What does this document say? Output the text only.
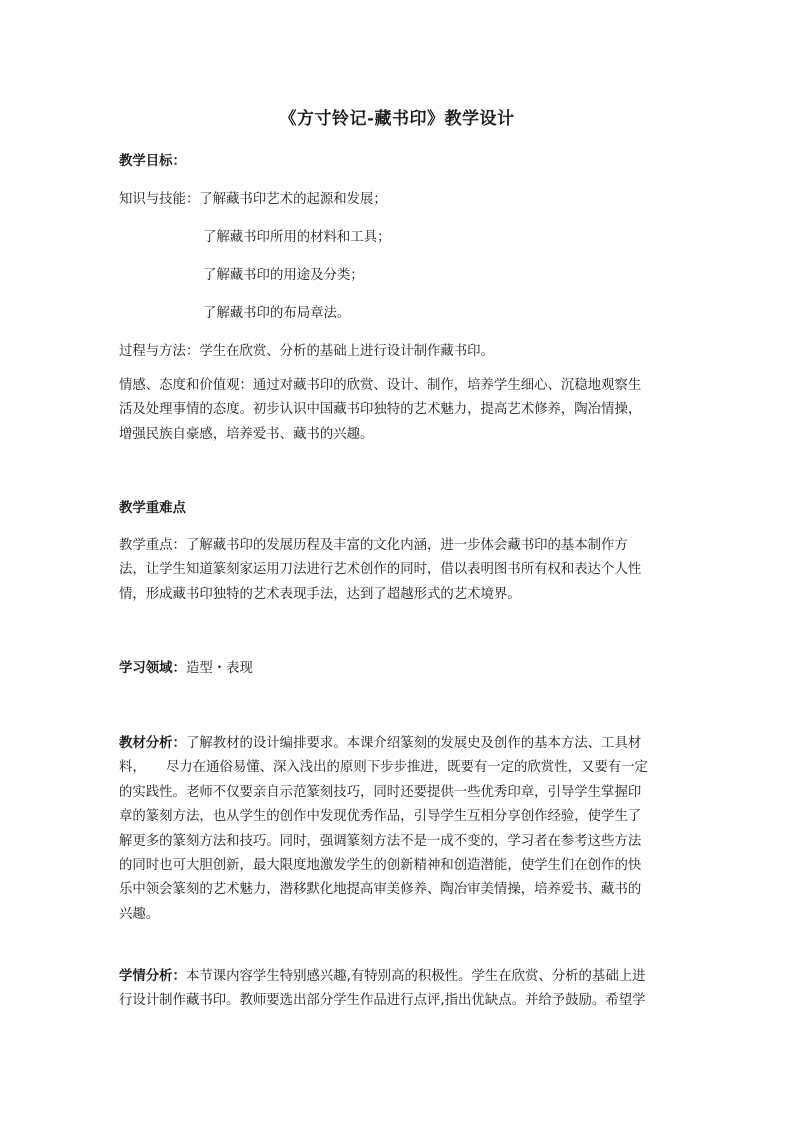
《方寸铃记-藏书印》教学设计
教学目标：
知识与技能：了解藏书印艺术的起源和发展；
了解藏书印所用的材料和工具；
了解藏书印的用途及分类；
了解藏书印的布局章法。
过程与方法：学生在欣赏、分析的基础上进行设计制作藏书印。
情感、态度和价值观：通过对藏书印的欣赏、设计、制作，培养学生细心、沉稳地观察生
活及处理事情的态度。初步认识中国藏书印独特的艺术魅力，提高艺术修养，陶冶情操，
增强民族自豪感，培养爱书、藏书的兴趣。
教学重难点
教学重点：了解藏书印的发展历程及丰富的文化内涵，进一步体会藏书印的基本制作方
法，让学生知道篆刻家运用刀法进行艺术创作的同时，借以表明图书所有权和表达个人性
情，形成藏书印独特的艺术表现手法，达到了超越形式的艺术境界。
学习领域：造型・表现
教材分析：了解教材的设计编排要求。本课介绍篆刻的发展史及创作的基本方法、工具材
料，　　尽力在通俗易懂、深入浅出的原则下步步推进，既要有一定的欣赏性，又要有一定
的实践性。老师不仅要亲自示范篆刻技巧，同时还要提供一些优秀印章，引导学生掌握印
章的篆刻方法，也从学生的创作中发现优秀作品，引导学生互相分享创作经验，使学生了
解更多的篆刻方法和技巧。同时，强调篆刻方法不是一成不变的，学习者在参考这些方法
的同时也可大胆创新，最大限度地激发学生的创新精神和创造潜能，使学生们在创作的快
乐中领会篆刻的艺术魅力，潜移默化地提高审美修养、陶冶审美情操，培养爱书、藏书的
兴趣。
学情分析：本节课内容学生特别感兴趣,有特别高的积极性。学生在欣赏、分析的基础上进
行设计制作藏书印。教师要选出部分学生作品进行点评,指出优缺点。并给予鼓励。希望学
